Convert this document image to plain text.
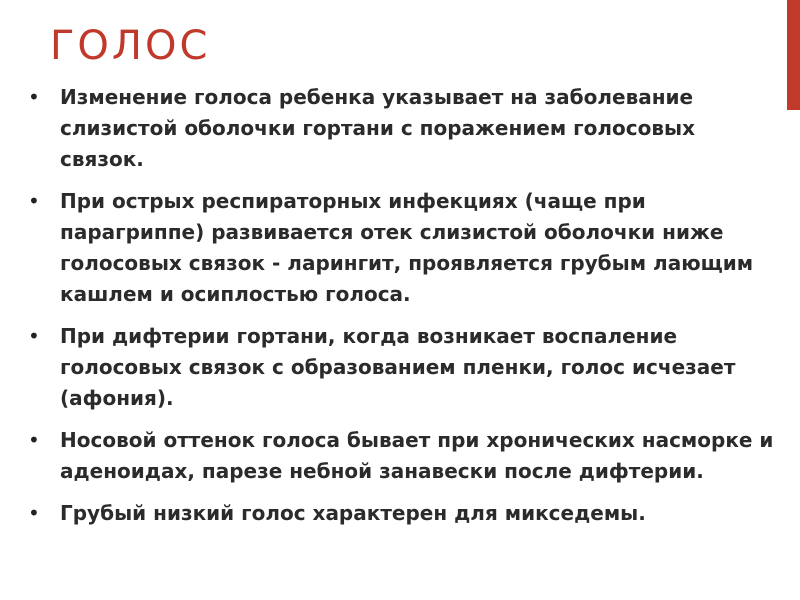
ГОЛОС
• Изменение голоса ребенка указывает на заболевание слизистой оболочки гортани с поражением голосовых связок.
• При острых респираторных инфекциях (чаще при парагриппе) развивается отек слизистой оболочки ниже голосовых связок - ларингит, проявляется грубым лающим кашлем и осиплостью голоса.
• При дифтерии гортани, когда возникает воспаление голосовых связок с образованием пленки, голос исчезает (афония).
• Носовой оттенок голоса бывает при хронических насморке и аденоидах, парезе небной занавески после дифтерии.
• Грубый низкий голос характерен для микседемы.
